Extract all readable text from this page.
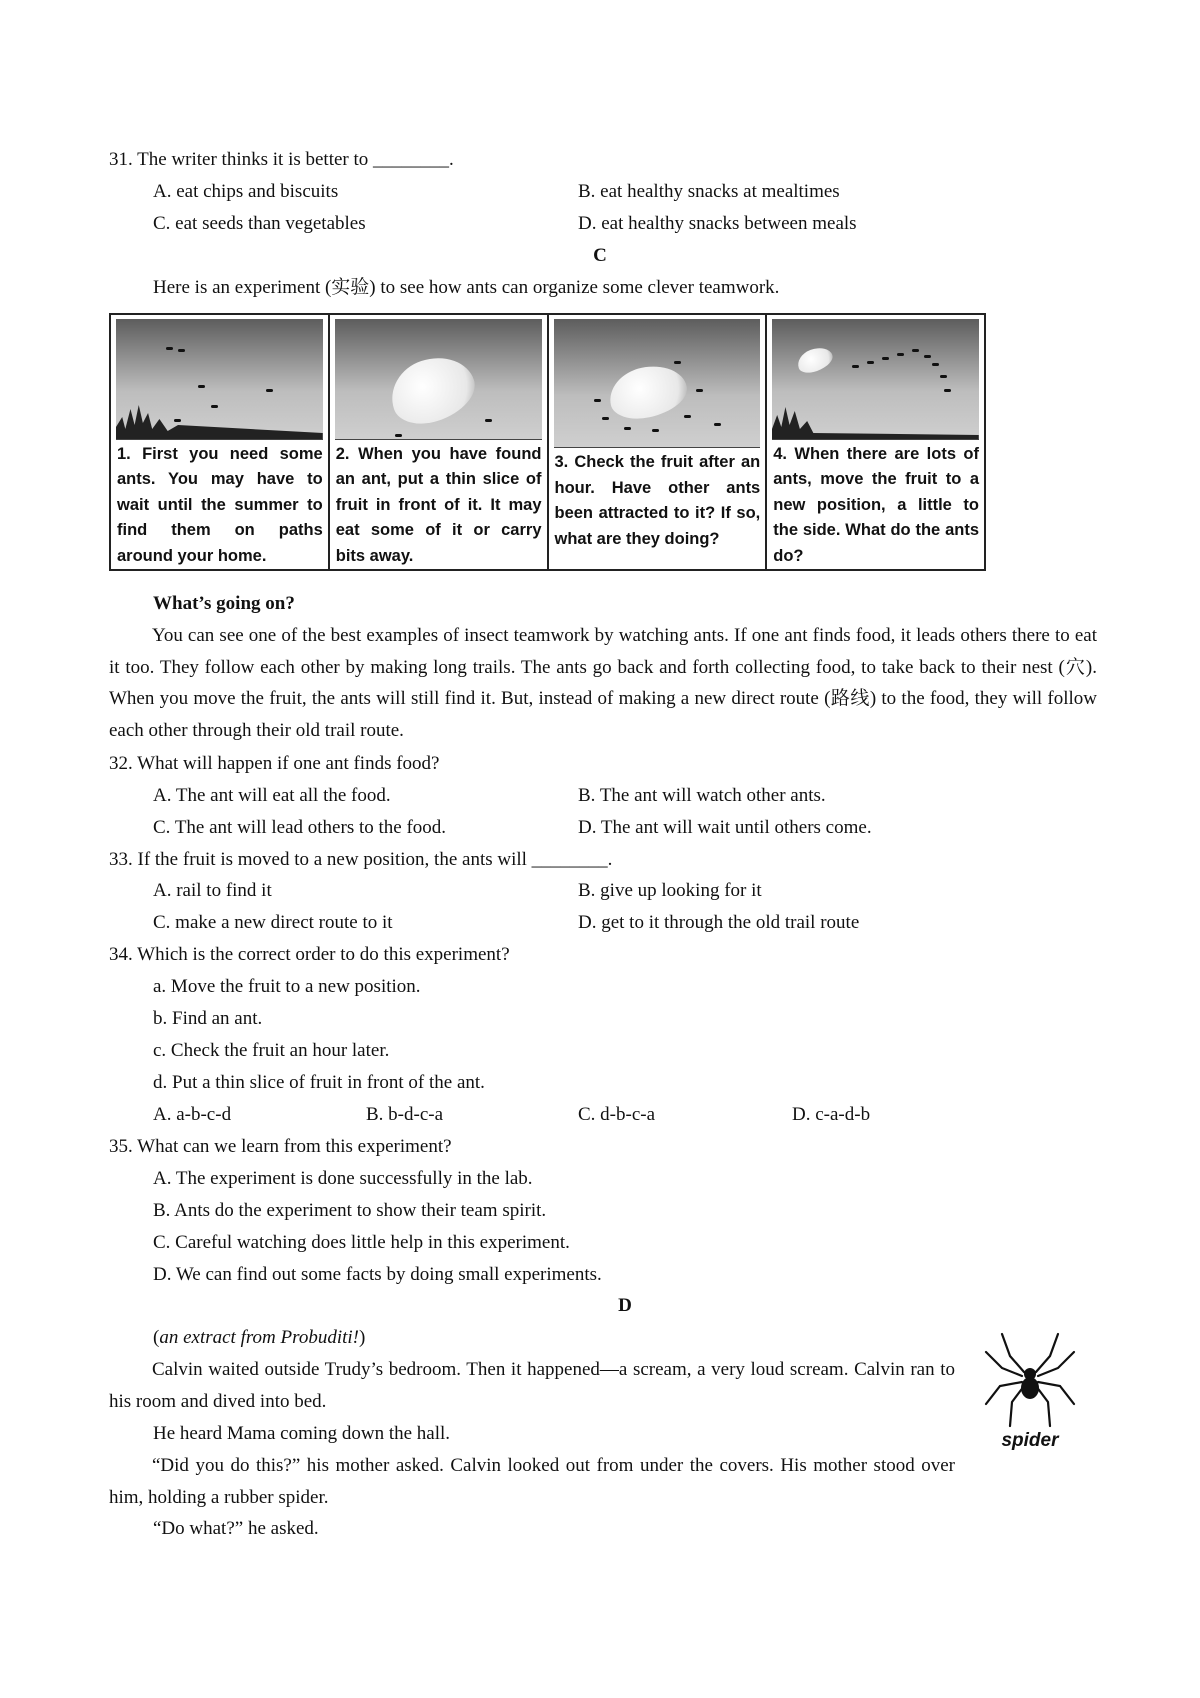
31. The writer thinks it is better to ________.
A. eat chips and biscuits	B. eat healthy snacks at mealtimes
C. eat seeds than vegetables	D. eat healthy snacks between meals
C
Here is an experiment (实验) to see how ants can organize some clever teamwork.
1. First you need some ants. You may have to wait until the summer to find them on paths around your home.
2. When you have found an ant, put a thin slice of fruit in front of it. It may eat some of it or carry bits away.
3. Check the fruit after an hour. Have other ants been attracted to it? If so, what are they doing?
4. When there are lots of ants, move the fruit to a new position, a little to the side. What do the ants do?
What’s going on?
You can see one of the best examples of insect teamwork by watching ants. If one ant finds food, it leads others there to eat it too. They follow each other by making long trails. The ants go back and forth collecting food, to take back to their nest (穴). When you move the fruit, the ants will still find it. But, instead of making a new direct route (路线) to the food, they will follow each other through their old trail route.
32. What will happen if one ant finds food?
A. The ant will eat all the food.	B. The ant will watch other ants.
C. The ant will lead others to the food.	D. The ant will wait until others come.
33. If the fruit is moved to a new position, the ants will ________.
A. rail to find it	B. give up looking for it
C. make a new direct route to it	D. get to it through the old trail route
34. Which is the correct order to do this experiment?
a. Move the fruit to a new position.
b. Find an ant.
c. Check the fruit an hour later.
d. Put a thin slice of fruit in front of the ant.
A. a-b-c-d	B. b-d-c-a	C. d-b-c-a	D. c-a-d-b
35. What can we learn from this experiment?
A. The experiment is done successfully in the lab.
B. Ants do the experiment to show their team spirit.
C. Careful watching does little help in this experiment.
D. We can find out some facts by doing small experiments.
D
(an extract from Probuditi!)
Calvin waited outside Trudy’s bedroom. Then it happened—a scream, a very loud scream. Calvin ran to his room and dived into bed.
He heard Mama coming down the hall.
“Did you do this?” his mother asked. Calvin looked out from under the covers. His mother stood over him, holding a rubber spider.
“Do what?” he asked.
spider
